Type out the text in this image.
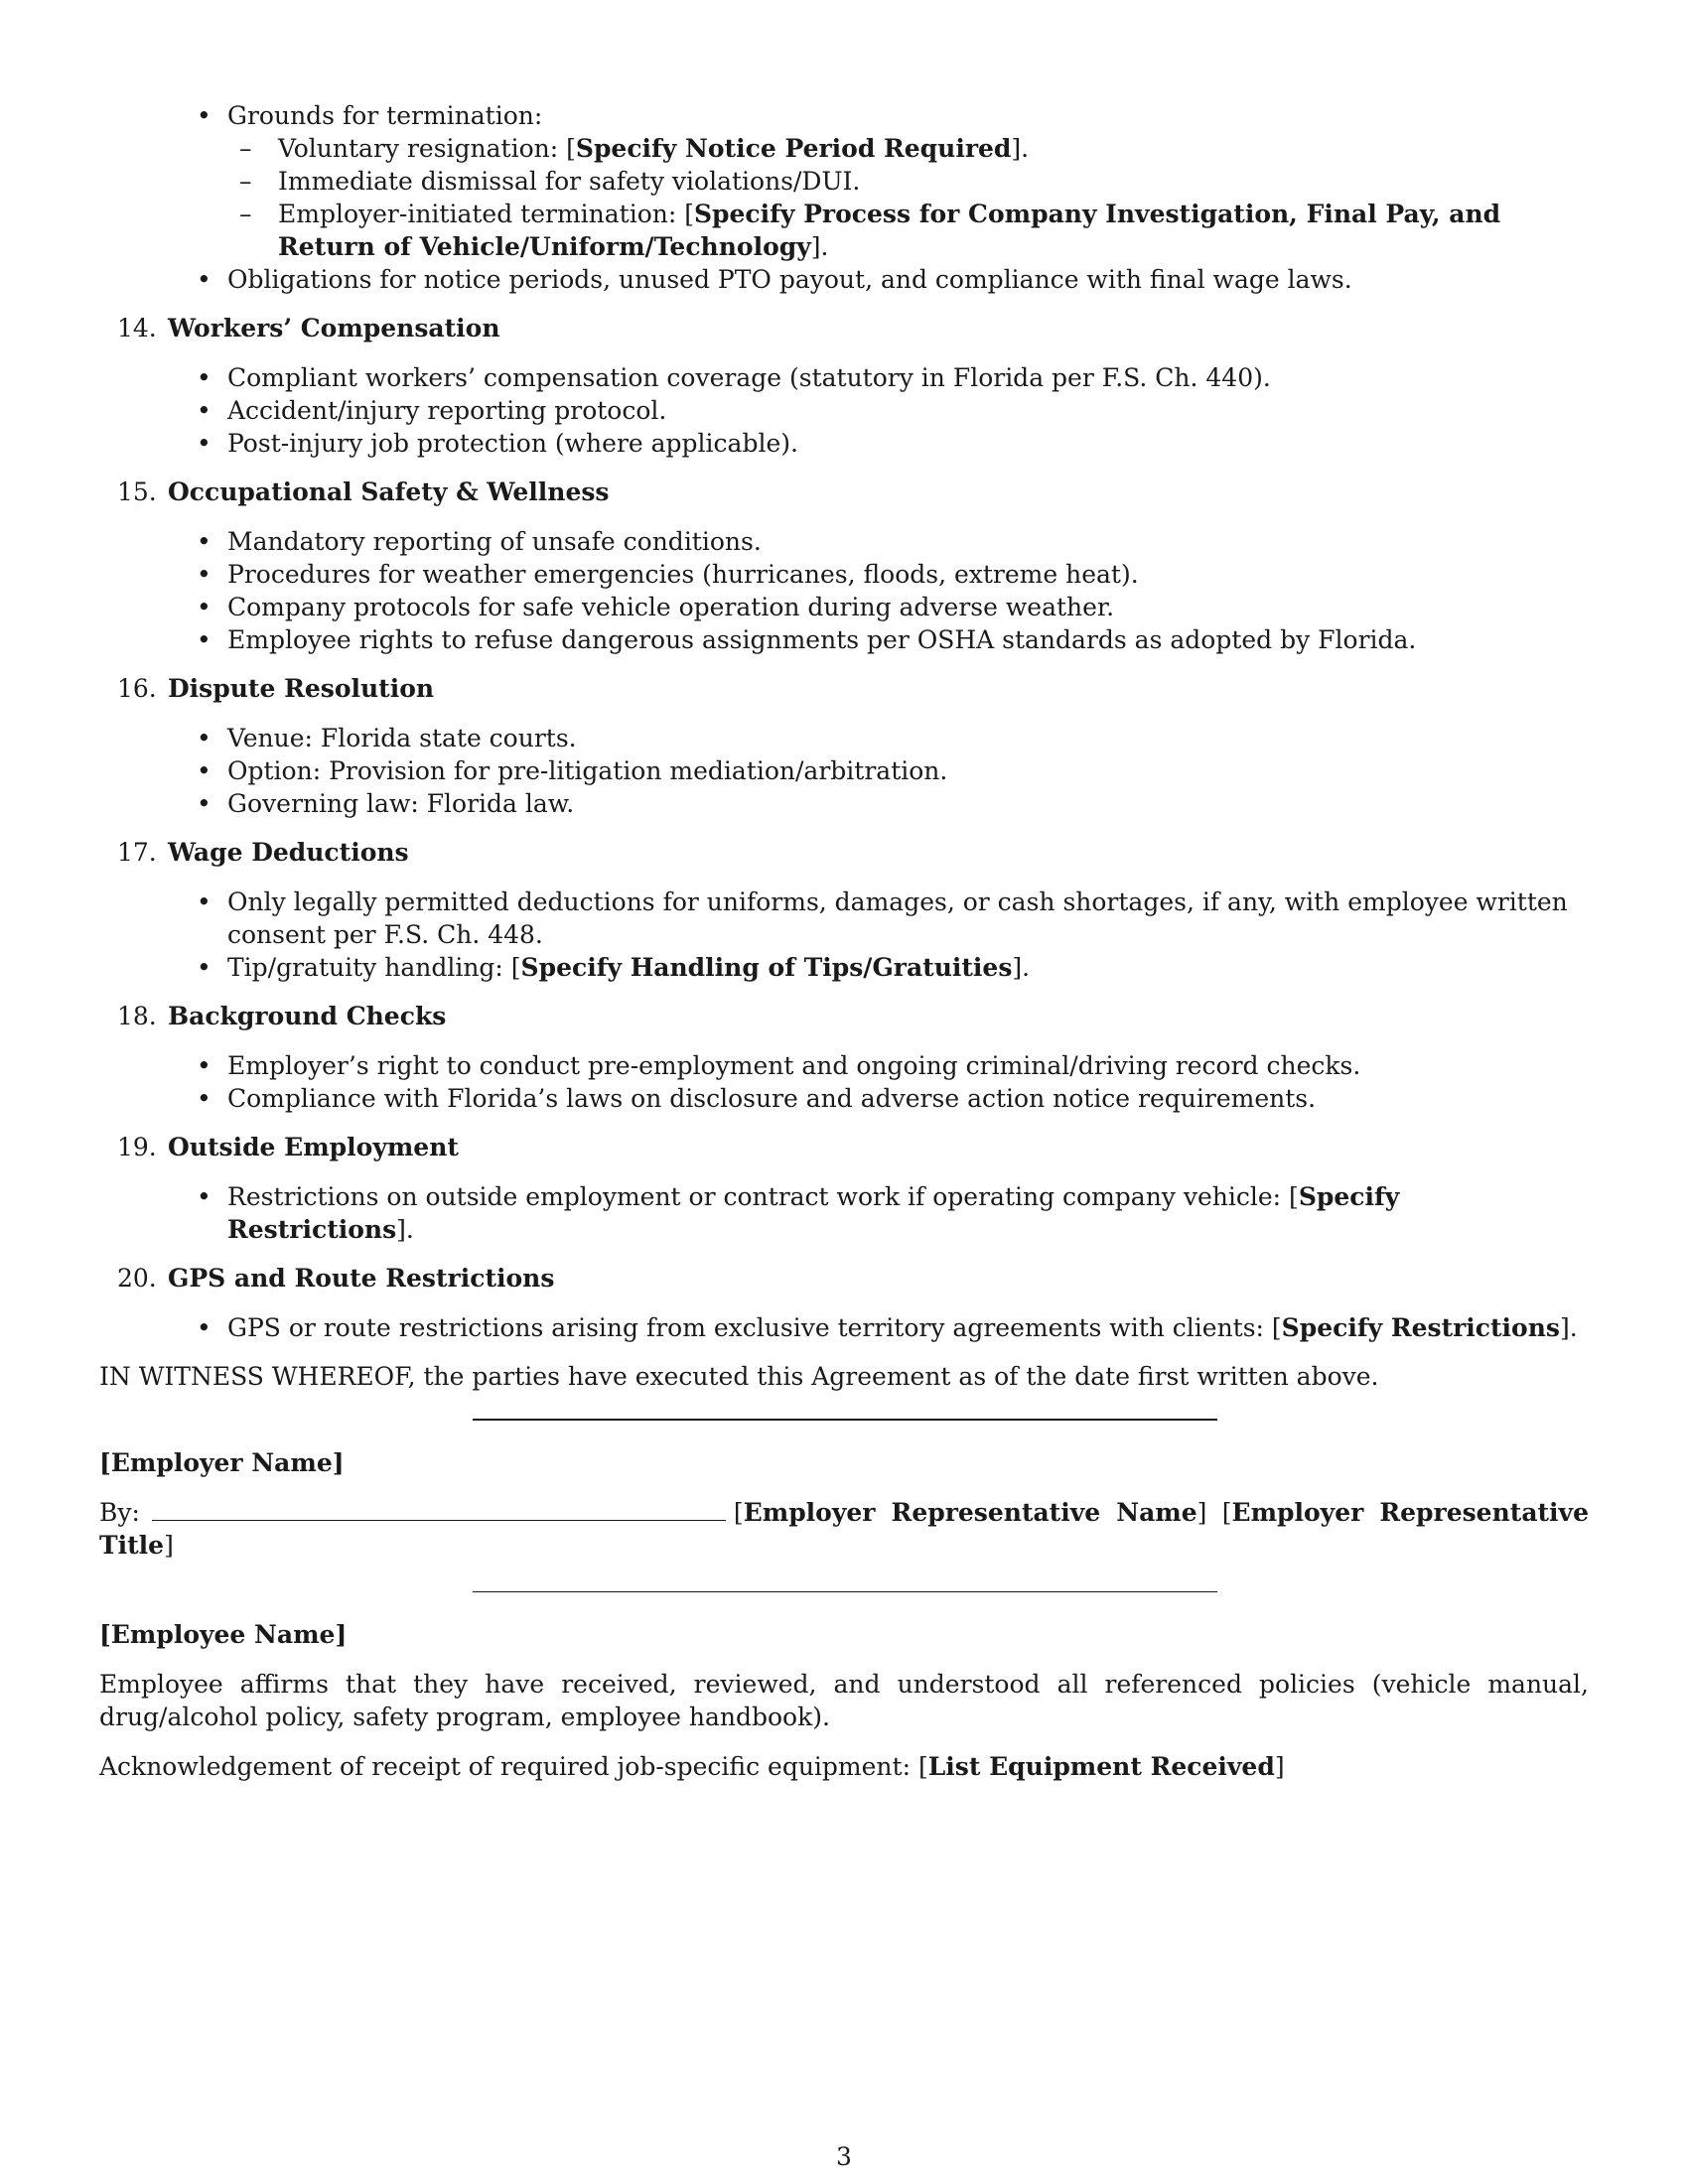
• Grounds for termination:
– Voluntary resignation: [Specify Notice Period Required].
– Immediate dismissal for safety violations/DUI.
– Employer-initiated termination: [Specify Process for Company Investigation, Final Pay, and Return of Vehicle/Uniform/Technology].
• Obligations for notice periods, unused PTO payout, and compliance with final wage laws.
14. Workers’ Compensation
• Compliant workers’ compensation coverage (statutory in Florida per F.S. Ch. 440).
• Accident/injury reporting protocol.
• Post-injury job protection (where applicable).
15. Occupational Safety & Wellness
• Mandatory reporting of unsafe conditions.
• Procedures for weather emergencies (hurricanes, floods, extreme heat).
• Company protocols for safe vehicle operation during adverse weather.
• Employee rights to refuse dangerous assignments per OSHA standards as adopted by Florida.
16. Dispute Resolution
• Venue: Florida state courts.
• Option: Provision for pre-litigation mediation/arbitration.
• Governing law: Florida law.
17. Wage Deductions
• Only legally permitted deductions for uniforms, damages, or cash shortages, if any, with employee written consent per F.S. Ch. 448.
• Tip/gratuity handling: [Specify Handling of Tips/Gratuities].
18. Background Checks
• Employer’s right to conduct pre-employment and ongoing criminal/driving record checks.
• Compliance with Florida’s laws on disclosure and adverse action notice requirements.
19. Outside Employment
• Restrictions on outside employment or contract work if operating company vehicle: [Specify Restrictions].
20. GPS and Route Restrictions
• GPS or route restrictions arising from exclusive territory agreements with clients: [Specify Restrictions].
IN WITNESS WHEREOF, the parties have executed this Agreement as of the date first written above.
[Employer Name]
By:	[Employer Representative Name] [Employer Representative Title]
[Employee Name]
Employee affirms that they have received, reviewed, and understood all referenced policies (vehicle manual, drug/alcohol policy, safety program, employee handbook).
Acknowledgement of receipt of required job-specific equipment: [List Equipment Received]
3
